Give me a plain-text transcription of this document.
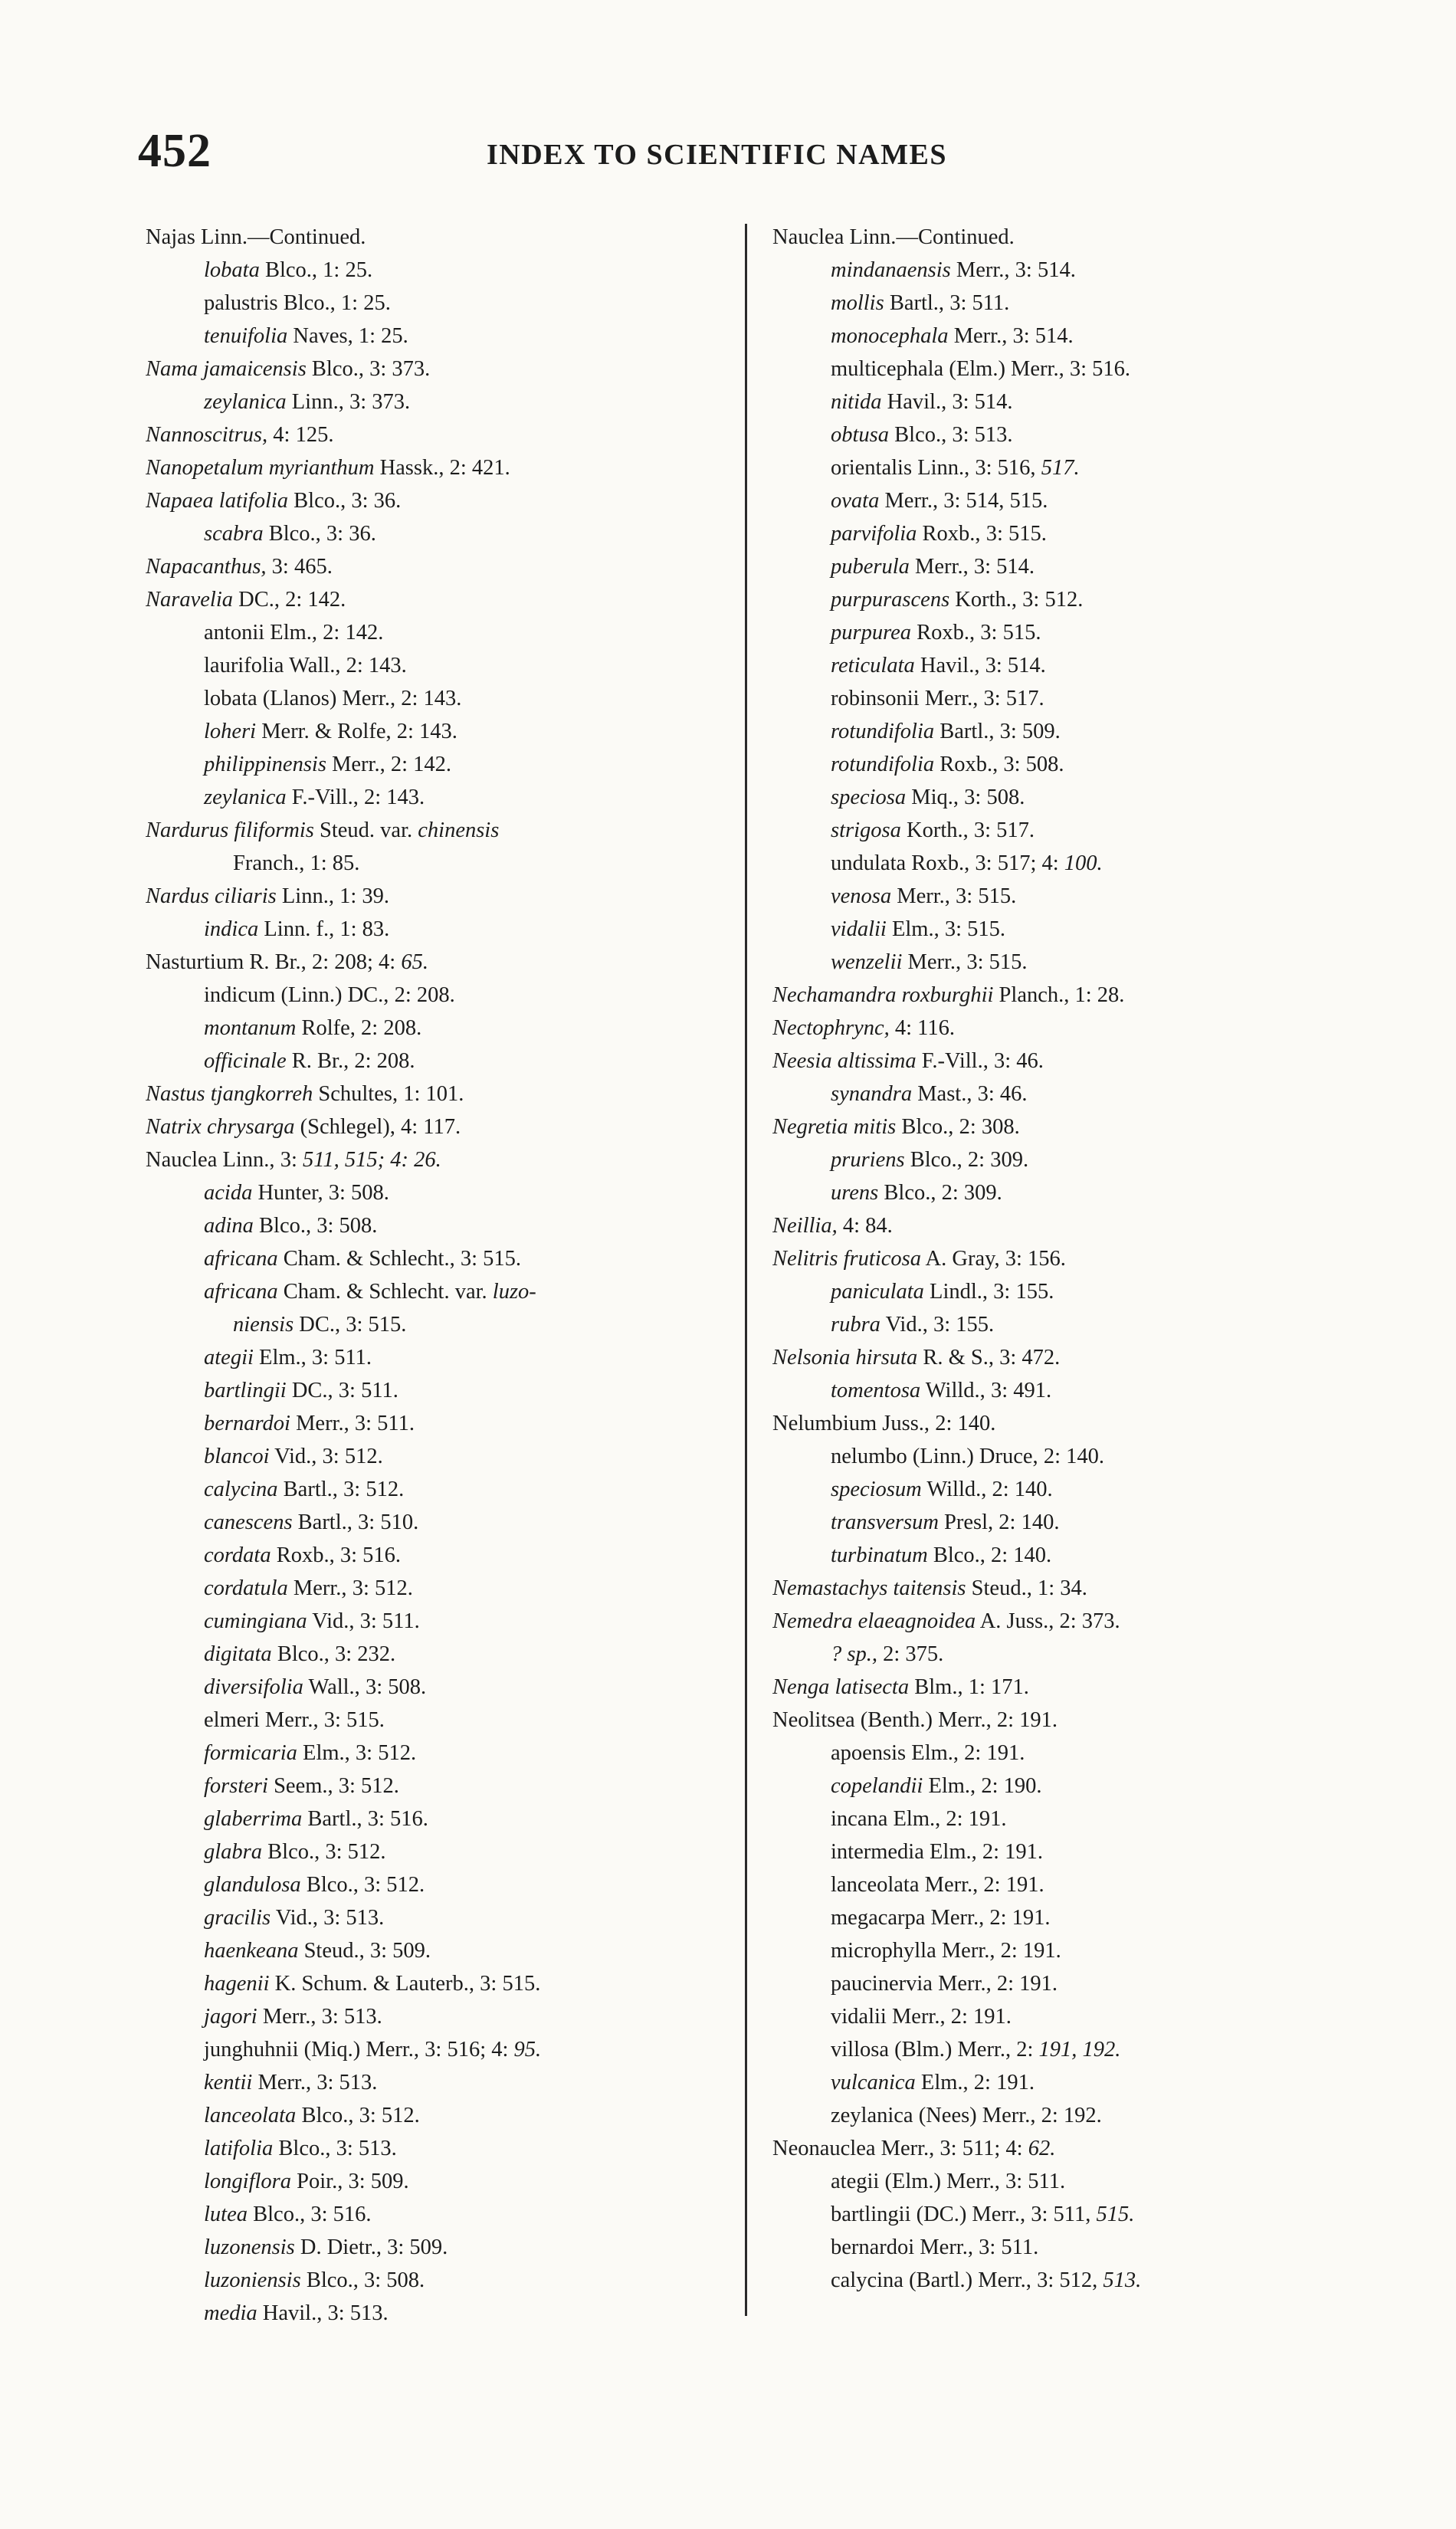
452	INDEX TO SCIENTIFIC NAMES
Najas Linn.—Continued.
lobata Blco., 1: 25.
palustris Blco., 1: 25.
tenuifolia Naves, 1: 25.
Nama jamaicensis Blco., 3: 373.
zeylanica Linn., 3: 373.
Nannoscitrus, 4: 125.
Nanopetalum myrianthum Hassk., 2: 421.
Napaea latifolia Blco., 3: 36.
scabra Blco., 3: 36.
Napacanthus, 3: 465.
Naravelia DC., 2: 142.
antonii Elm., 2: 142.
laurifolia Wall., 2: 143.
lobata (Llanos) Merr., 2: 143.
loheri Merr. & Rolfe, 2: 143.
philippinensis Merr., 2: 142.
zeylanica F.-Vill., 2: 143.
Nardurus filiformis Steud. var. chinensis
Franch., 1: 85.
Nardus ciliaris Linn., 1: 39.
indica Linn. f., 1: 83.
Nasturtium R. Br., 2: 208; 4: 65.
indicum (Linn.) DC., 2: 208.
montanum Rolfe, 2: 208.
officinale R. Br., 2: 208.
Nastus tjangkorreh Schultes, 1: 101.
Natrix chrysarga (Schlegel), 4: 117.
Nauclea Linn., 3: 511, 515; 4: 26.
acida Hunter, 3: 508.
adina Blco., 3: 508.
africana Cham. & Schlecht., 3: 515.
africana Cham. & Schlecht. var. luzo-
niensis DC., 3: 515.
ategii Elm., 3: 511.
bartlingii DC., 3: 511.
bernardoi Merr., 3: 511.
blancoi Vid., 3: 512.
calycina Bartl., 3: 512.
canescens Bartl., 3: 510.
cordata Roxb., 3: 516.
cordatula Merr., 3: 512.
cumingiana Vid., 3: 511.
digitata Blco., 3: 232.
diversifolia Wall., 3: 508.
elmeri Merr., 3: 515.
formicaria Elm., 3: 512.
forsteri Seem., 3: 512.
glaberrima Bartl., 3: 516.
glabra Blco., 3: 512.
glandulosa Blco., 3: 512.
gracilis Vid., 3: 513.
haenkeana Steud., 3: 509.
hagenii K. Schum. & Lauterb., 3: 515.
jagori Merr., 3: 513.
junghuhnii (Miq.) Merr., 3: 516; 4: 95.
kentii Merr., 3: 513.
lanceolata Blco., 3: 512.
latifolia Blco., 3: 513.
longiflora Poir., 3: 509.
lutea Blco., 3: 516.
luzonensis D. Dietr., 3: 509.
luzoniensis Blco., 3: 508.
media Havil., 3: 513.
Nauclea Linn.—Continued.
mindanaensis Merr., 3: 514.
mollis Bartl., 3: 511.
monocephala Merr., 3: 514.
multicephala (Elm.) Merr., 3: 516.
nitida Havil., 3: 514.
obtusa Blco., 3: 513.
orientalis Linn., 3: 516, 517.
ovata Merr., 3: 514, 515.
parvifolia Roxb., 3: 515.
puberula Merr., 3: 514.
purpurascens Korth., 3: 512.
purpurea Roxb., 3: 515.
reticulata Havil., 3: 514.
robinsonii Merr., 3: 517.
rotundifolia Bartl., 3: 509.
rotundifolia Roxb., 3: 508.
speciosa Miq., 3: 508.
strigosa Korth., 3: 517.
undulata Roxb., 3: 517; 4: 100.
venosa Merr., 3: 515.
vidalii Elm., 3: 515.
wenzelii Merr., 3: 515.
Nechamandra roxburghii Planch., 1: 28.
Nectophrync, 4: 116.
Neesia altissima F.-Vill., 3: 46.
synandra Mast., 3: 46.
Negretia mitis Blco., 2: 308.
pruriens Blco., 2: 309.
urens Blco., 2: 309.
Neillia, 4: 84.
Nelitris fruticosa A. Gray, 3: 156.
paniculata Lindl., 3: 155.
rubra Vid., 3: 155.
Nelsonia hirsuta R. & S., 3: 472.
tomentosa Willd., 3: 491.
Nelumbium Juss., 2: 140.
nelumbo (Linn.) Druce, 2: 140.
speciosum Willd., 2: 140.
transversum Presl, 2: 140.
turbinatum Blco., 2: 140.
Nemastachys taitensis Steud., 1: 34.
Nemedra elaeagnoidea A. Juss., 2: 373.
? sp., 2: 375.
Nenga latisecta Blm., 1: 171.
Neolitsea (Benth.) Merr., 2: 191.
apoensis Elm., 2: 191.
copelandii Elm., 2: 190.
incana Elm., 2: 191.
intermedia Elm., 2: 191.
lanceolata Merr., 2: 191.
megacarpa Merr., 2: 191.
microphylla Merr., 2: 191.
paucinervia Merr., 2: 191.
vidalii Merr., 2: 191.
villosa (Blm.) Merr., 2: 191, 192.
vulcanica Elm., 2: 191.
zeylanica (Nees) Merr., 2: 192.
Neonauclea Merr., 3: 511; 4: 62.
ategii (Elm.) Merr., 3: 511.
bartlingii (DC.) Merr., 3: 511, 515.
bernardoi Merr., 3: 511.
calycina (Bartl.) Merr., 3: 512, 513.
